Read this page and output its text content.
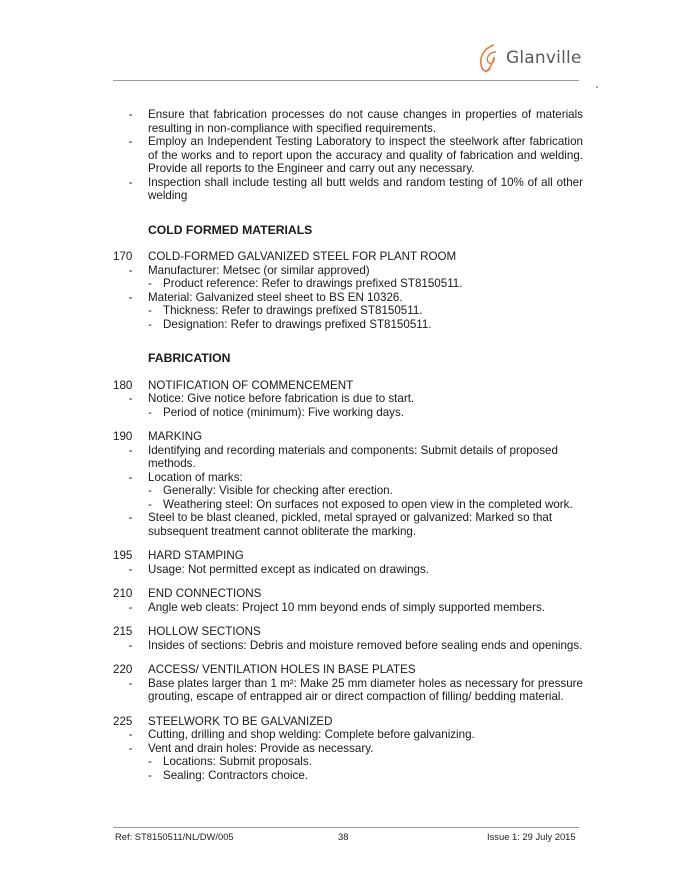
Glanville
-	Ensure that fabrication processes do not cause changes in properties of materials resulting in non-compliance with specified requirements.
-	Employ an Independent Testing Laboratory to inspect the steelwork after fabrication of the works and to report upon the accuracy and quality of fabrication and welding. Provide all reports to the Engineer and carry out any necessary.
-	Inspection shall include testing all butt welds and random testing of 10% of all other welding
COLD FORMED MATERIALS
170	COLD-FORMED GALVANIZED STEEL FOR PLANT ROOM
-	Manufacturer: Metsec (or similar approved)
- Product reference: Refer to drawings prefixed ST8150511.
-	Material: Galvanized steel sheet to BS EN 10326.
- Thickness: Refer to drawings prefixed ST8150511.
- Designation: Refer to drawings prefixed ST8150511.
FABRICATION
180	NOTIFICATION OF COMMENCEMENT
-	Notice: Give notice before fabrication is due to start.
- Period of notice (minimum): Five working days.
190	MARKING
-	Identifying and recording materials and components: Submit details of proposed methods.
-	Location of marks:
- Generally: Visible for checking after erection.
- Weathering steel: On surfaces not exposed to open view in the completed work.
-	Steel to be blast cleaned, pickled, metal sprayed or galvanized: Marked so that subsequent treatment cannot obliterate the marking.
195	HARD STAMPING
-	Usage: Not permitted except as indicated on drawings.
210	END CONNECTIONS
-	Angle web cleats: Project 10 mm beyond ends of simply supported members.
215	HOLLOW SECTIONS
-	Insides of sections: Debris and moisture removed before sealing ends and openings.
220	ACCESS/ VENTILATION HOLES IN BASE PLATES
-	Base plates larger than 1 m²: Make 25 mm diameter holes as necessary for pressure grouting, escape of entrapped air or direct compaction of filling/ bedding material.
225	STEELWORK TO BE GALVANIZED
-	Cutting, drilling and shop welding: Complete before galvanizing.
-	Vent and drain holes: Provide as necessary.
- Locations: Submit proposals.
- Sealing: Contractors choice.
Ref: ST8150511/NL/DW/005	38	Issue 1: 29 July 2015
